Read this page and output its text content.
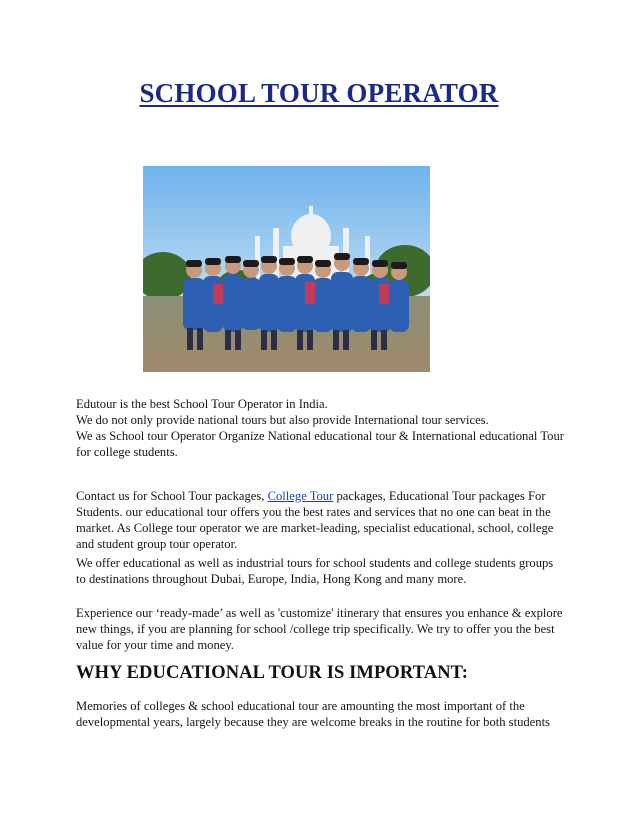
SCHOOL TOUR OPERATOR

Edutour is the best School Tour Operator in India.

We do not only provide national tours but also provide International tour services.

We as School tour Operator Organize National educational tour & International educational Tour

for college students.

Contact us for School Tour packages, College Tour packages, Educational Tour packages For

Students. our educational tour offers you the best rates and services that no one can beat in the

market. As College tour operator we are market-leading, specialist educational, school, college

and student group tour operator.

We offer educational as well as industrial tours for school students and college students groups

to destinations throughout Dubai, Europe, India, Hong Kong and many more.

Experience our ‘ready-made’ as well as 'customize' itinerary that ensures you enhance & explore

new things, if you are planning for school /college trip specifically. We try to offer you the best

value for your time and money.

WHY EDUCATIONAL TOUR IS IMPORTANT:

Memories of colleges & school educational tour are amounting the most important of the

developmental years, largely because they are welcome breaks in the routine for both students
